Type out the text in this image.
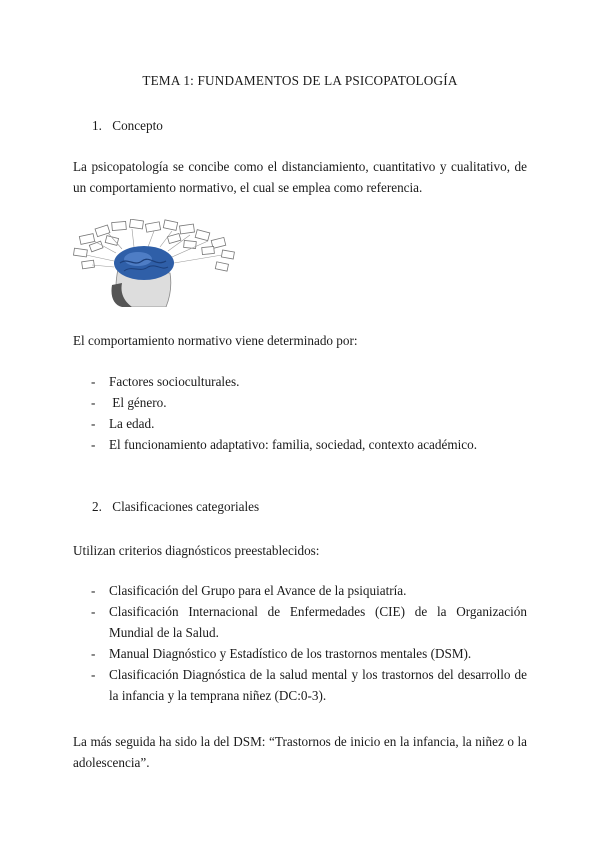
TEMA 1: FUNDAMENTOS DE LA PSICOPATOLOGÍA
1. Concepto
La psicopatología se concibe como el distanciamiento, cuantitativo y cualitativo, de un comportamiento normativo, el cual se emplea como referencia.
El comportamiento normativo viene determinado por:
- Factores socioculturales.
- El género.
- La edad.
- El funcionamiento adaptativo: familia, sociedad, contexto académico.
2. Clasificaciones categoriales
Utilizan criterios diagnósticos preestablecidos:
- Clasificación del Grupo para el Avance de la psiquiatría.
- Clasificación Internacional de Enfermedades (CIE) de la Organización Mundial de la Salud.
- Manual Diagnóstico y Estadístico de los trastornos mentales (DSM).
- Clasificación Diagnóstica de la salud mental y los trastornos del desarrollo de la infancia y la temprana niñez (DC:0-3).
La más seguida ha sido la del DSM: “Trastornos de inicio en la infancia, la niñez o la adolescencia”.
